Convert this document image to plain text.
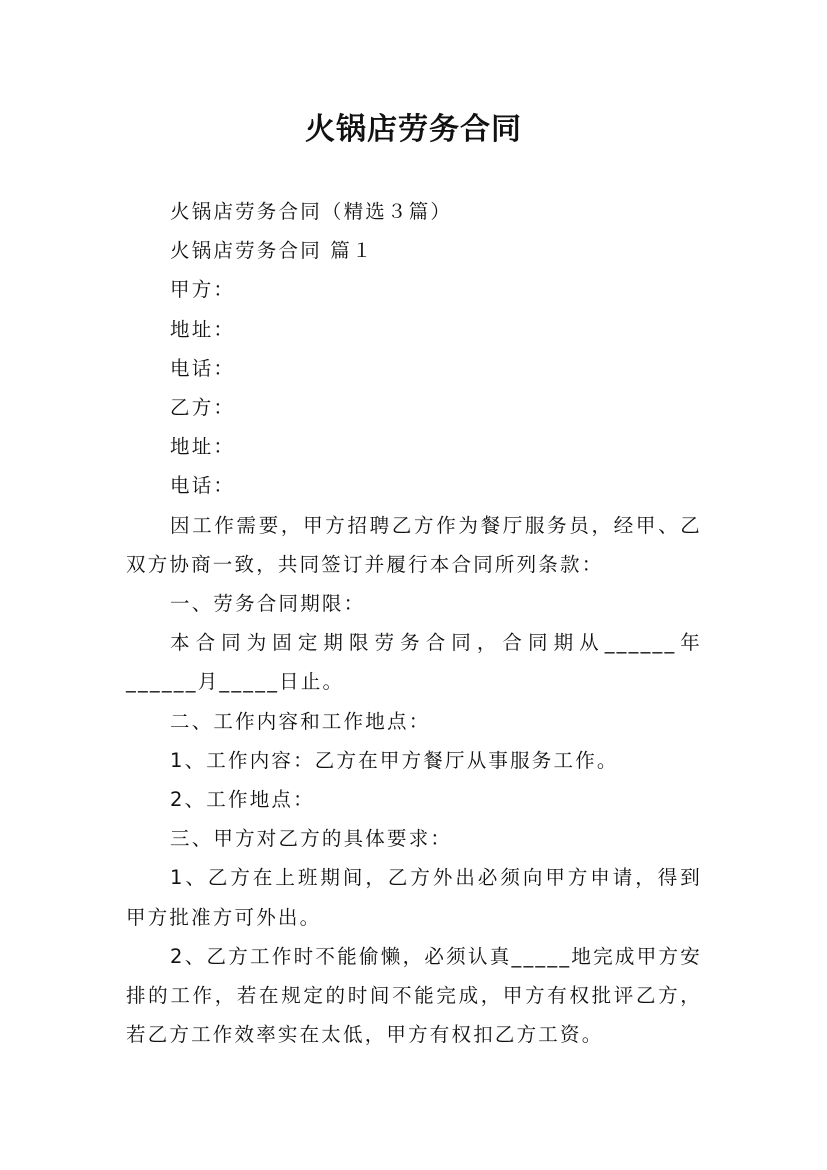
火锅店劳务合同

火锅店劳务合同（精选３篇）

火锅店劳务合同 篇１

甲方：

地址：

电话：

乙方：

地址：

电话：

因工作需要，甲方招聘乙方作为餐厅服务员，经甲、乙双方协商一致，共同签订并履行本合同所列条款：

一、劳务合同期限：

本合同为固定期限劳务合同，合同期从______年______月_____日止。

二、工作内容和工作地点：

1、工作内容：乙方在甲方餐厅从事服务工作。

2、工作地点：

三、甲方对乙方的具体要求：

1、乙方在上班期间，乙方外出必须向甲方申请，得到甲方批准方可外出。

2、乙方工作时不能偷懒，必须认真_____地完成甲方安排的工作，若在规定的时间不能完成，甲方有权批评乙方，若乙方工作效率实在太低，甲方有权扣乙方工资。
